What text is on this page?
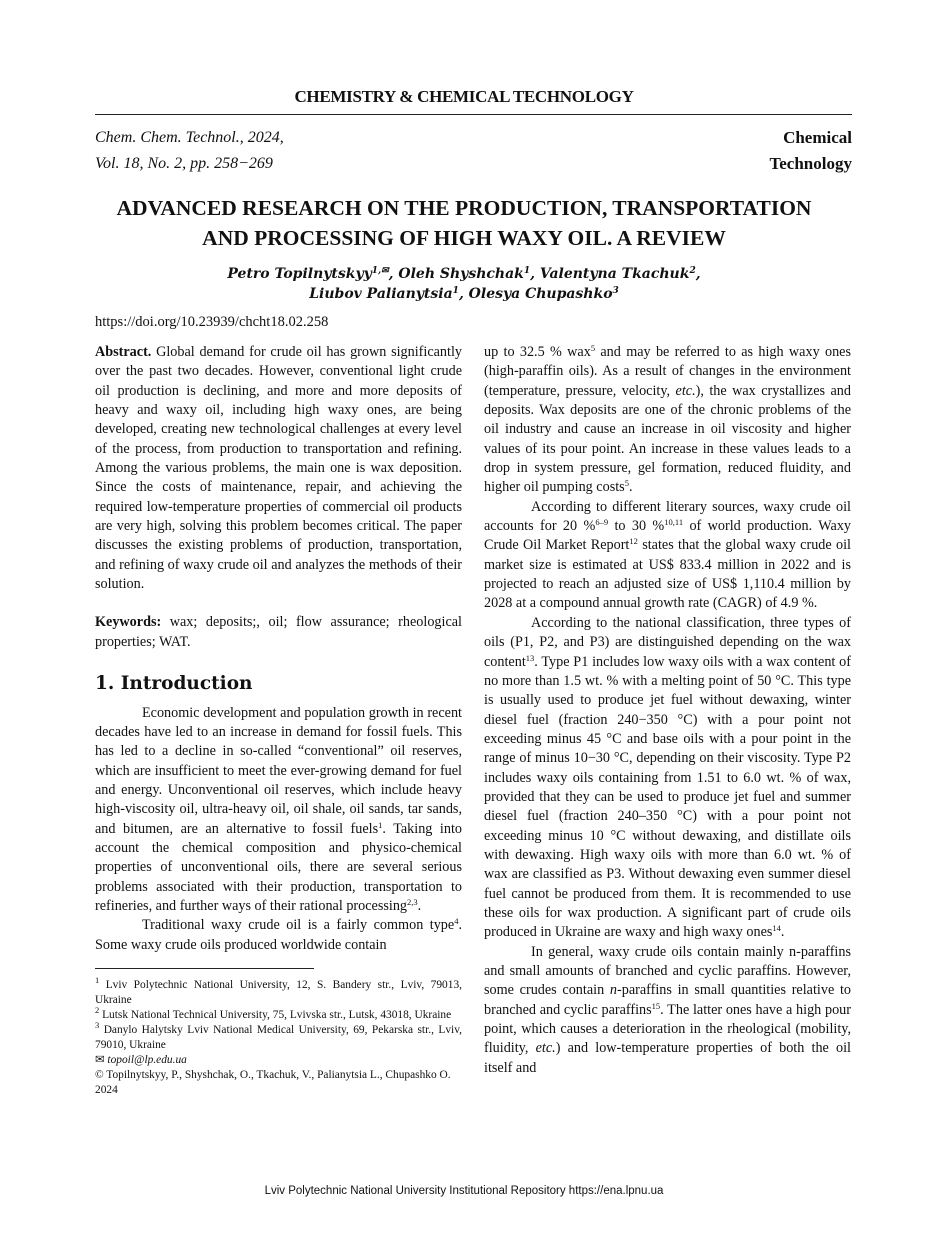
CHEMISTRY & CHEMICAL TECHNOLOGY
Chem. Chem. Technol., 2024,
Vol. 18, No. 2, pp. 258−269
Chemical
Technology
ADVANCED RESEARCH ON THE PRODUCTION, TRANSPORTATION
AND PROCESSING OF HIGH WAXY OIL. A REVIEW
Petro Topilnytskyy$^{1,✉}$, Oleh Shyshchak$^1$, Valentyna Tkachuk$^2$,
Liubov Palianytsia$^1$, Olesya Chupashko$^3$
https://doi.org/10.23939/chcht18.02.258

Abstract. Global demand for crude oil has grown significantly over the past two decades. However, conventional light crude oil production is declining, and more and more deposits of heavy and waxy oil, including high waxy ones, are being developed, creating new technological challenges at every level of the process, from production to transportation and refining. Among the various problems, the main one is wax deposition. Since the costs of maintenance, repair, and achieving the required low-temperature properties of commercial oil products are very high, solving this problem becomes critical. The paper discusses the existing problems of production, transportation, and refining of waxy crude oil and analyzes the methods of their solution.

Keywords: wax; deposits;, oil; flow assurance; rheological properties; WAT.

1. Introduction

Economic development and population growth in recent decades have led to an increase in demand for fossil fuels. This has led to a decline in so-called “conventional” oil reserves, which are insufficient to meet the ever-growing demand for fuel and energy. Unconventional oil reserves, which include heavy high-viscosity oil, ultra-heavy oil, oil shale, oil sands, tar sands, and bitumen, are an alternative to fossil fuels$^1$. Taking into account the chemical composition and physico-chemical properties of unconventional oils, there are several serious problems associated with their production, transportation to refineries, and further ways of their rational processing$^{2,3}$.

Traditional waxy crude oil is a fairly common type$^4$. Some waxy crude oils produced worldwide contain

up to 32.5 % wax$^5$ and may be referred to as high waxy ones (high-paraffin oils). As a result of changes in the environment (temperature, pressure, velocity, etc.), the wax crystallizes and deposits. Wax deposits are one of the chronic problems of the oil industry and cause an increase in oil viscosity and higher values of its pour point. An increase in these values leads to a drop in system pressure, gel formation, reduced fluidity, and higher oil pumping costs$^5$.

According to different literary sources, waxy crude oil accounts for 20 %$^{6-9}$ to 30 %$^{10,11}$ of world production. Waxy Crude Oil Market Report$^{12}$ states that the global waxy crude oil market size is estimated at US$ 833.4 million in 2022 and is projected to reach an adjusted size of US$ 1,110.4 million by 2028 at a compound annual growth rate (CAGR) of 4.9 %.

According to the national classification, three types of oils (P1, P2, and P3) are distinguished depending on the wax content$^{13}$. Type P1 includes low waxy oils with a wax content of no more than 1.5 wt. % with a melting point of 50 °C. This type is usually used to produce jet fuel without dewaxing, winter diesel fuel (fraction 240−350 °C) with a pour point not exceeding minus 45 °C and base oils with a pour point in the range of minus 10−30 °C, depending on their viscosity. Type P2 includes waxy oils containing from 1.51 to 6.0 wt. % of wax, provided that they can be used to produce jet fuel and summer diesel fuel (fraction 240–350 °C) with a pour point not exceeding minus 10 °C without dewaxing, and distillate oils with dewaxing. High waxy oils with more than 6.0 wt. % of wax are classified as P3. Without dewaxing even summer diesel fuel cannot be produced from them. It is recommended to use these oils for wax production. A significant part of crude oils produced in Ukraine are waxy and high waxy ones$^{14}$.

In general, waxy crude oils contain mainly n-paraffins and small amounts of branched and cyclic paraffins. However, some crudes contain n-paraffins in small quantities relative to branched and cyclic paraffins$^{15}$. The latter ones have a high pour point, which causes a deterioration in the rheological (mobility, fluidity, etc.) and low-temperature properties of both the oil itself and

$^1$ Lviv Polytechnic National University, 12, S. Bandery str., Lviv, 79013, Ukraine
$^2$ Lutsk National Technical University, 75, Lvivska str., Lutsk, 43018, Ukraine
$^3$ Danylo Halytsky Lviv National Medical University, 69, Pekarska str., Lviv, 79010, Ukraine
✉ topoil@lp.edu.ua
© Topilnytskyy, P., Shyshchak, O., Tkachuk, V., Palianytsia L., Chupashko O. 2024
Lviv Polytechnic National University Institutional Repository https://ena.lpnu.ua
